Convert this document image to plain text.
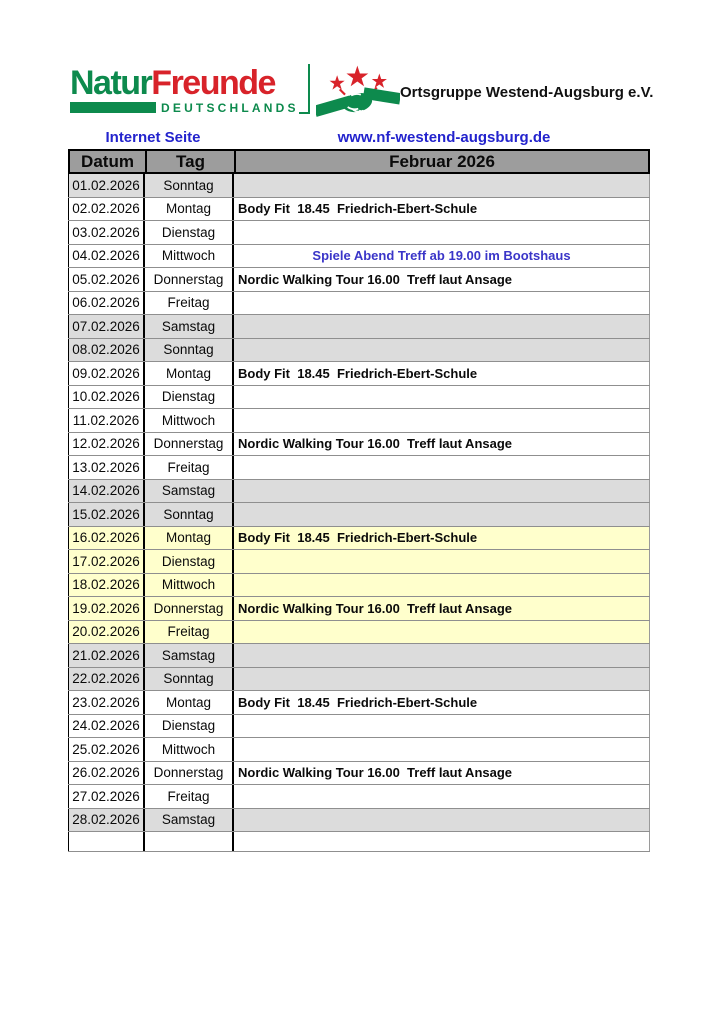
NaturFreunde
DEUTSCHLANDS
Ortsgruppe Westend-Augsburg e.V.
Internet Seite	www.nf-westend-augsburg.de
Datum	Tag	Februar 2026
01.02.2026	Sonntag
02.02.2026	Montag	Body Fit  18.45  Friedrich-Ebert-Schule
03.02.2026	Dienstag
04.02.2026	Mittwoch	Spiele Abend Treff ab 19.00 im Bootshaus
05.02.2026	Donnerstag	Nordic Walking Tour 16.00  Treff laut Ansage
06.02.2026	Freitag
07.02.2026	Samstag
08.02.2026	Sonntag
09.02.2026	Montag	Body Fit  18.45  Friedrich-Ebert-Schule
10.02.2026	Dienstag
11.02.2026	Mittwoch
12.02.2026	Donnerstag	Nordic Walking Tour 16.00  Treff laut Ansage
13.02.2026	Freitag
14.02.2026	Samstag
15.02.2026	Sonntag
16.02.2026	Montag	Body Fit  18.45  Friedrich-Ebert-Schule
17.02.2026	Dienstag
18.02.2026	Mittwoch
19.02.2026	Donnerstag	Nordic Walking Tour 16.00  Treff laut Ansage
20.02.2026	Freitag
21.02.2026	Samstag
22.02.2026	Sonntag
23.02.2026	Montag	Body Fit  18.45  Friedrich-Ebert-Schule
24.02.2026	Dienstag
25.02.2026	Mittwoch
26.02.2026	Donnerstag	Nordic Walking Tour 16.00  Treff laut Ansage
27.02.2026	Freitag
28.02.2026	Samstag
